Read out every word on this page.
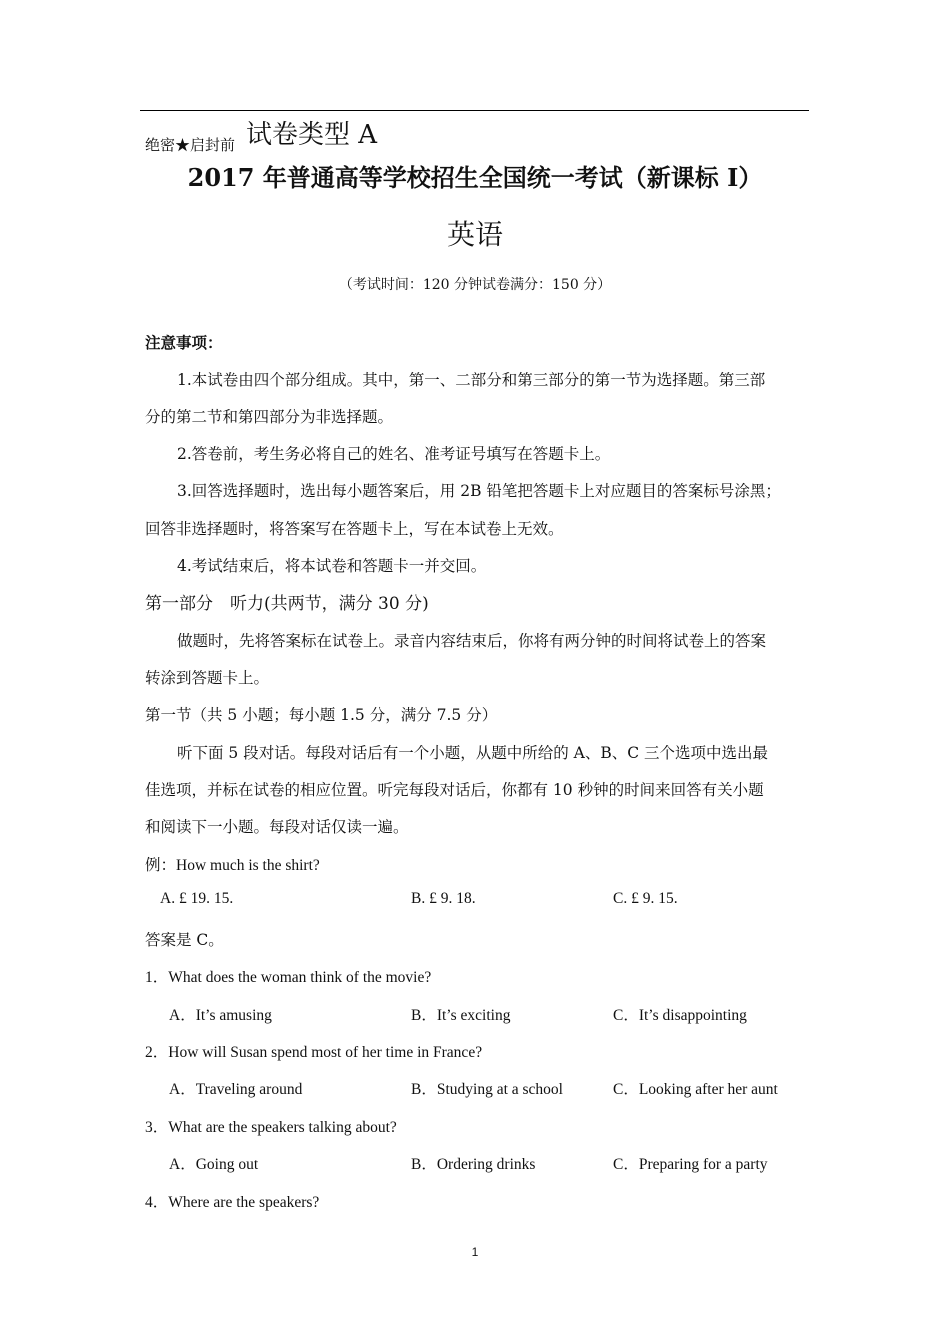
绝密★启封前 试卷类型 A
2017 年普通高等学校招生全国统一考试（新课标 I）
英语
（考试时间：120 分钟试卷满分：150 分）
注意事项：
1.本试卷由四个部分组成。其中，第一、二部分和第三部分的第一节为选择题。第三部
分的第二节和第四部分为非选择题。
2.答卷前，考生务必将自己的姓名、准考证号填写在答题卡上。
3.回答选择题时，选出每小题答案后，用 2B 铅笔把答题卡上对应题目的答案标号涂黑；
回答非选择题时，将答案写在答题卡上，写在本试卷上无效。
4.考试结束后，将本试卷和答题卡一并交回。
第一部分　听力(共两节，满分 30 分)
做题时，先将答案标在试卷上。录音内容结束后，你将有两分钟的时间将试卷上的答案
转涂到答题卡上。
第一节（共 5 小题；每小题 1.5 分，满分 7.5 分）
听下面 5 段对话。每段对话后有一个小题，从题中所给的 A、B、C 三个选项中选出最
佳选项，并标在试卷的相应位置。听完每段对话后，你都有 10 秒钟的时间来回答有关小题
和阅读下一小题。每段对话仅读一遍。
例：How much is the shirt?
A. £ 19. 15.	B. £ 9. 18.	C. £ 9. 15.
答案是 C。
1．What does the woman think of the movie?
A．It’s amusing	B．It’s exciting	C．It’s disappointing
2．How will Susan spend most of her time in France?
A．Traveling around	B．Studying at a school	C．Looking after her aunt
3．What are the speakers talking about?
A．Going out	B．Ordering drinks	C．Preparing for a party
4．Where are the speakers?
1
